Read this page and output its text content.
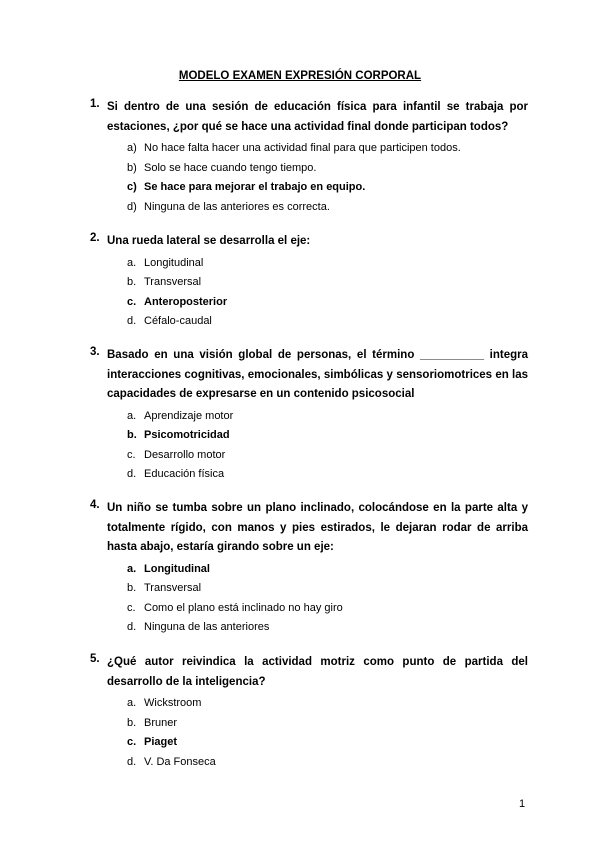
MODELO EXAMEN EXPRESIÓN CORPORAL
1. Si dentro de una sesión de educación física para infantil se trabaja por estaciones, ¿por qué se hace una actividad final donde participan todos?
a) No hace falta hacer una actividad final para que participen todos.
b) Solo se hace cuando tengo tiempo.
c) Se hace para mejorar el trabajo en equipo.
d) Ninguna de las anteriores es correcta.
2. Una rueda lateral se desarrolla el eje:
a. Longitudinal
b. Transversal
c. Anteroposterior
d. Céfalo-caudal
3. Basado en una visión global de personas, el término __________ integra interacciones cognitivas, emocionales, simbólicas y sensoriomotrices en las capacidades de expresarse en un contenido psicosocial
a. Aprendizaje motor
b. Psicomotricidad
c. Desarrollo motor
d. Educación física
4. Un niño se tumba sobre un plano inclinado, colocándose en la parte alta y totalmente rígido, con manos y pies estirados, le dejaran rodar de arriba hasta abajo, estaría girando sobre un eje:
a. Longitudinal
b. Transversal
c. Como el plano está inclinado no hay giro
d. Ninguna de las anteriores
5. ¿Qué autor reivindica la actividad motriz como punto de partida del desarrollo de la inteligencia?
a. Wickstroom
b. Bruner
c. Piaget
d. V. Da Fonseca
1
